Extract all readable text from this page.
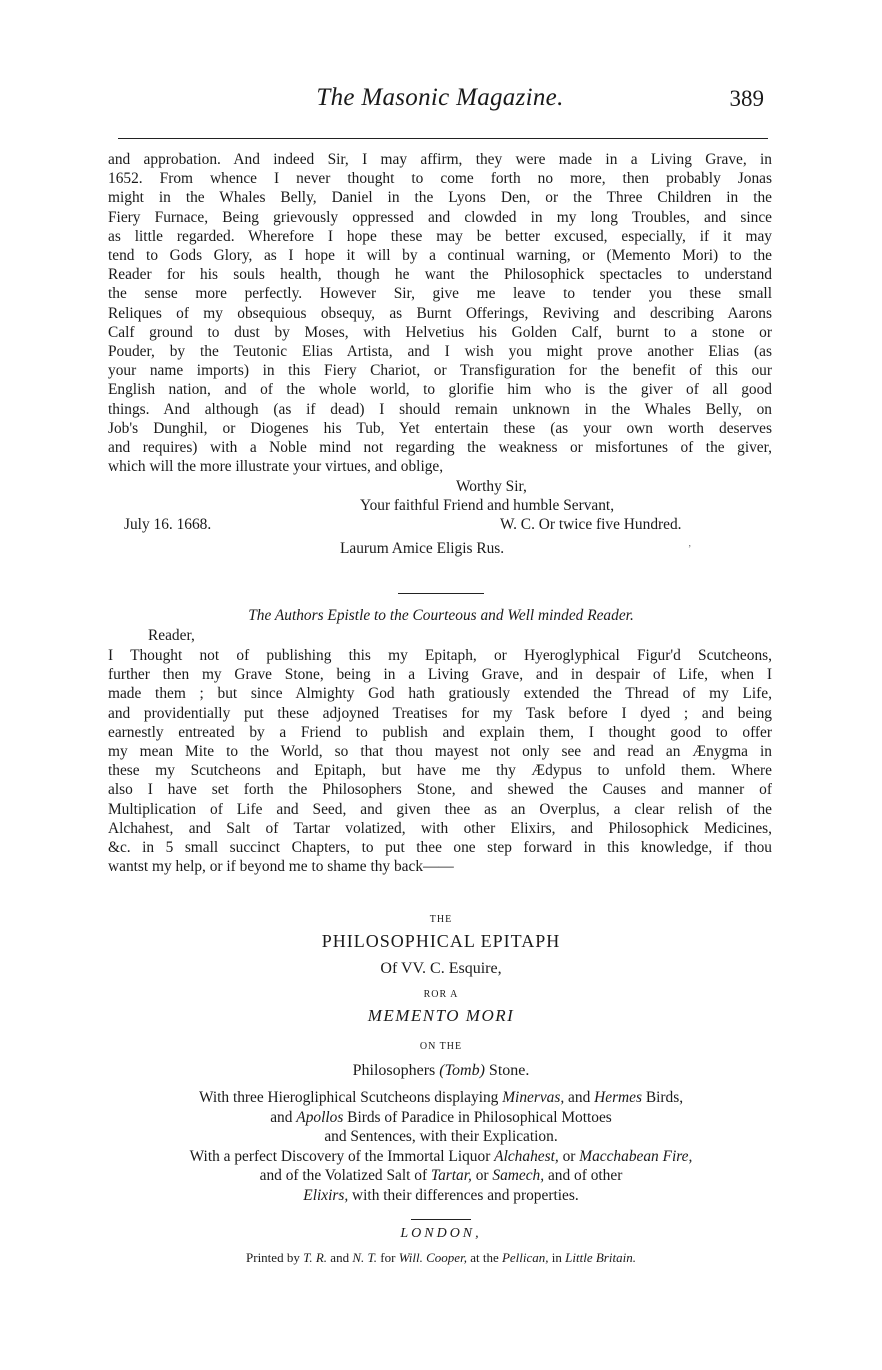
The Masonic Magazine.	389
and approbation. And indeed Sir, I may affirm, they were made in a Living Grave, in
1652. From whence I never thought to come forth no more, then probably Jonas
might in the Whales Belly, Daniel in the Lyons Den, or the Three Children in the
Fiery Furnace, Being grievously oppressed and clowded in my long Troubles, and since
as little regarded. Wherefore I hope these may be better excused, especially, if it may
tend to Gods Glory, as I hope it will by a continual warning, or (Memento Mori) to the
Reader for his souls health, though he want the Philosophick spectacles to understand
the sense more perfectly. However Sir, give me leave to tender you these small
Reliques of my obsequious obsequy, as Burnt Offerings, Reviving and describing Aarons
Calf ground to dust by Moses, with Helvetius his Golden Calf, burnt to a stone or
Pouder, by the Teutonic Elias Artista, and I wish you might prove another Elias (as
your name imports) in this Fiery Chariot, or Transfiguration for the benefit of this our
English nation, and of the whole world, to glorifie him who is the giver of all good
things. And although (as if dead) I should remain unknown in the Whales Belly, on
Job's Dunghil, or Diogenes his Tub, Yet entertain these (as your own worth deserves
and requires) with a Noble mind not regarding the weakness or misfortunes of the giver,
which will the more illustrate your virtues, and oblige,
Worthy Sir,
Your faithful Friend and humble Servant,
July 16. 1668.	W. C. Or twice five Hundred.
Laurum Amice Eligis Rus.	ʼ
The Authors Epistle to the Courteous and Well minded Reader.
Reader,
I Thought not of publishing this my Epitaph, or Hyeroglyphical Figur'd Scutcheons,
further then my Grave Stone, being in a Living Grave, and in despair of Life, when I
made them ; but since Almighty God hath gratiously extended the Thread of my Life,
and providentially put these adjoyned Treatises for my Task before I dyed ; and being
earnestly entreated by a Friend to publish and explain them, I thought good to offer
my mean Mite to the World, so that thou mayest not only see and read an Ænygma in
these my Scutcheons and Epitaph, but have me thy Ædypus to unfold them. Where
also I have set forth the Philosophers Stone, and shewed the Causes and manner of
Multiplication of Life and Seed, and given thee as an Overplus, a clear relish of the
Alchahest, and Salt of Tartar volatized, with other Elixirs, and Philosophick Medicines,
&c. in 5 small succinct Chapters, to put thee one step forward in this knowledge, if thou
wantst my help, or if beyond me to shame thy back——
THE
PHILOSOPHICAL EPITAPH
Of VV. C. Esquire,
ROR A
MEMENTO MORI
ON THE
Philosophers (Tomb) Stone.
With three Hierogliphical Scutcheons displaying Minervas, and Hermes Birds,
and Apollos Birds of Paradice in Philosophical Mottoes
and Sentences, with their Explication.
With a perfect Discovery of the Immortal Liquor Alchahest, or Macchabean Fire,
and of the Volatized Salt of Tartar, or Samech, and of other
Elixirs, with their differences and properties.
LONDON,
Printed by T. R. and N. T. for Will. Cooper, at the Pellican, in Little Britain.
